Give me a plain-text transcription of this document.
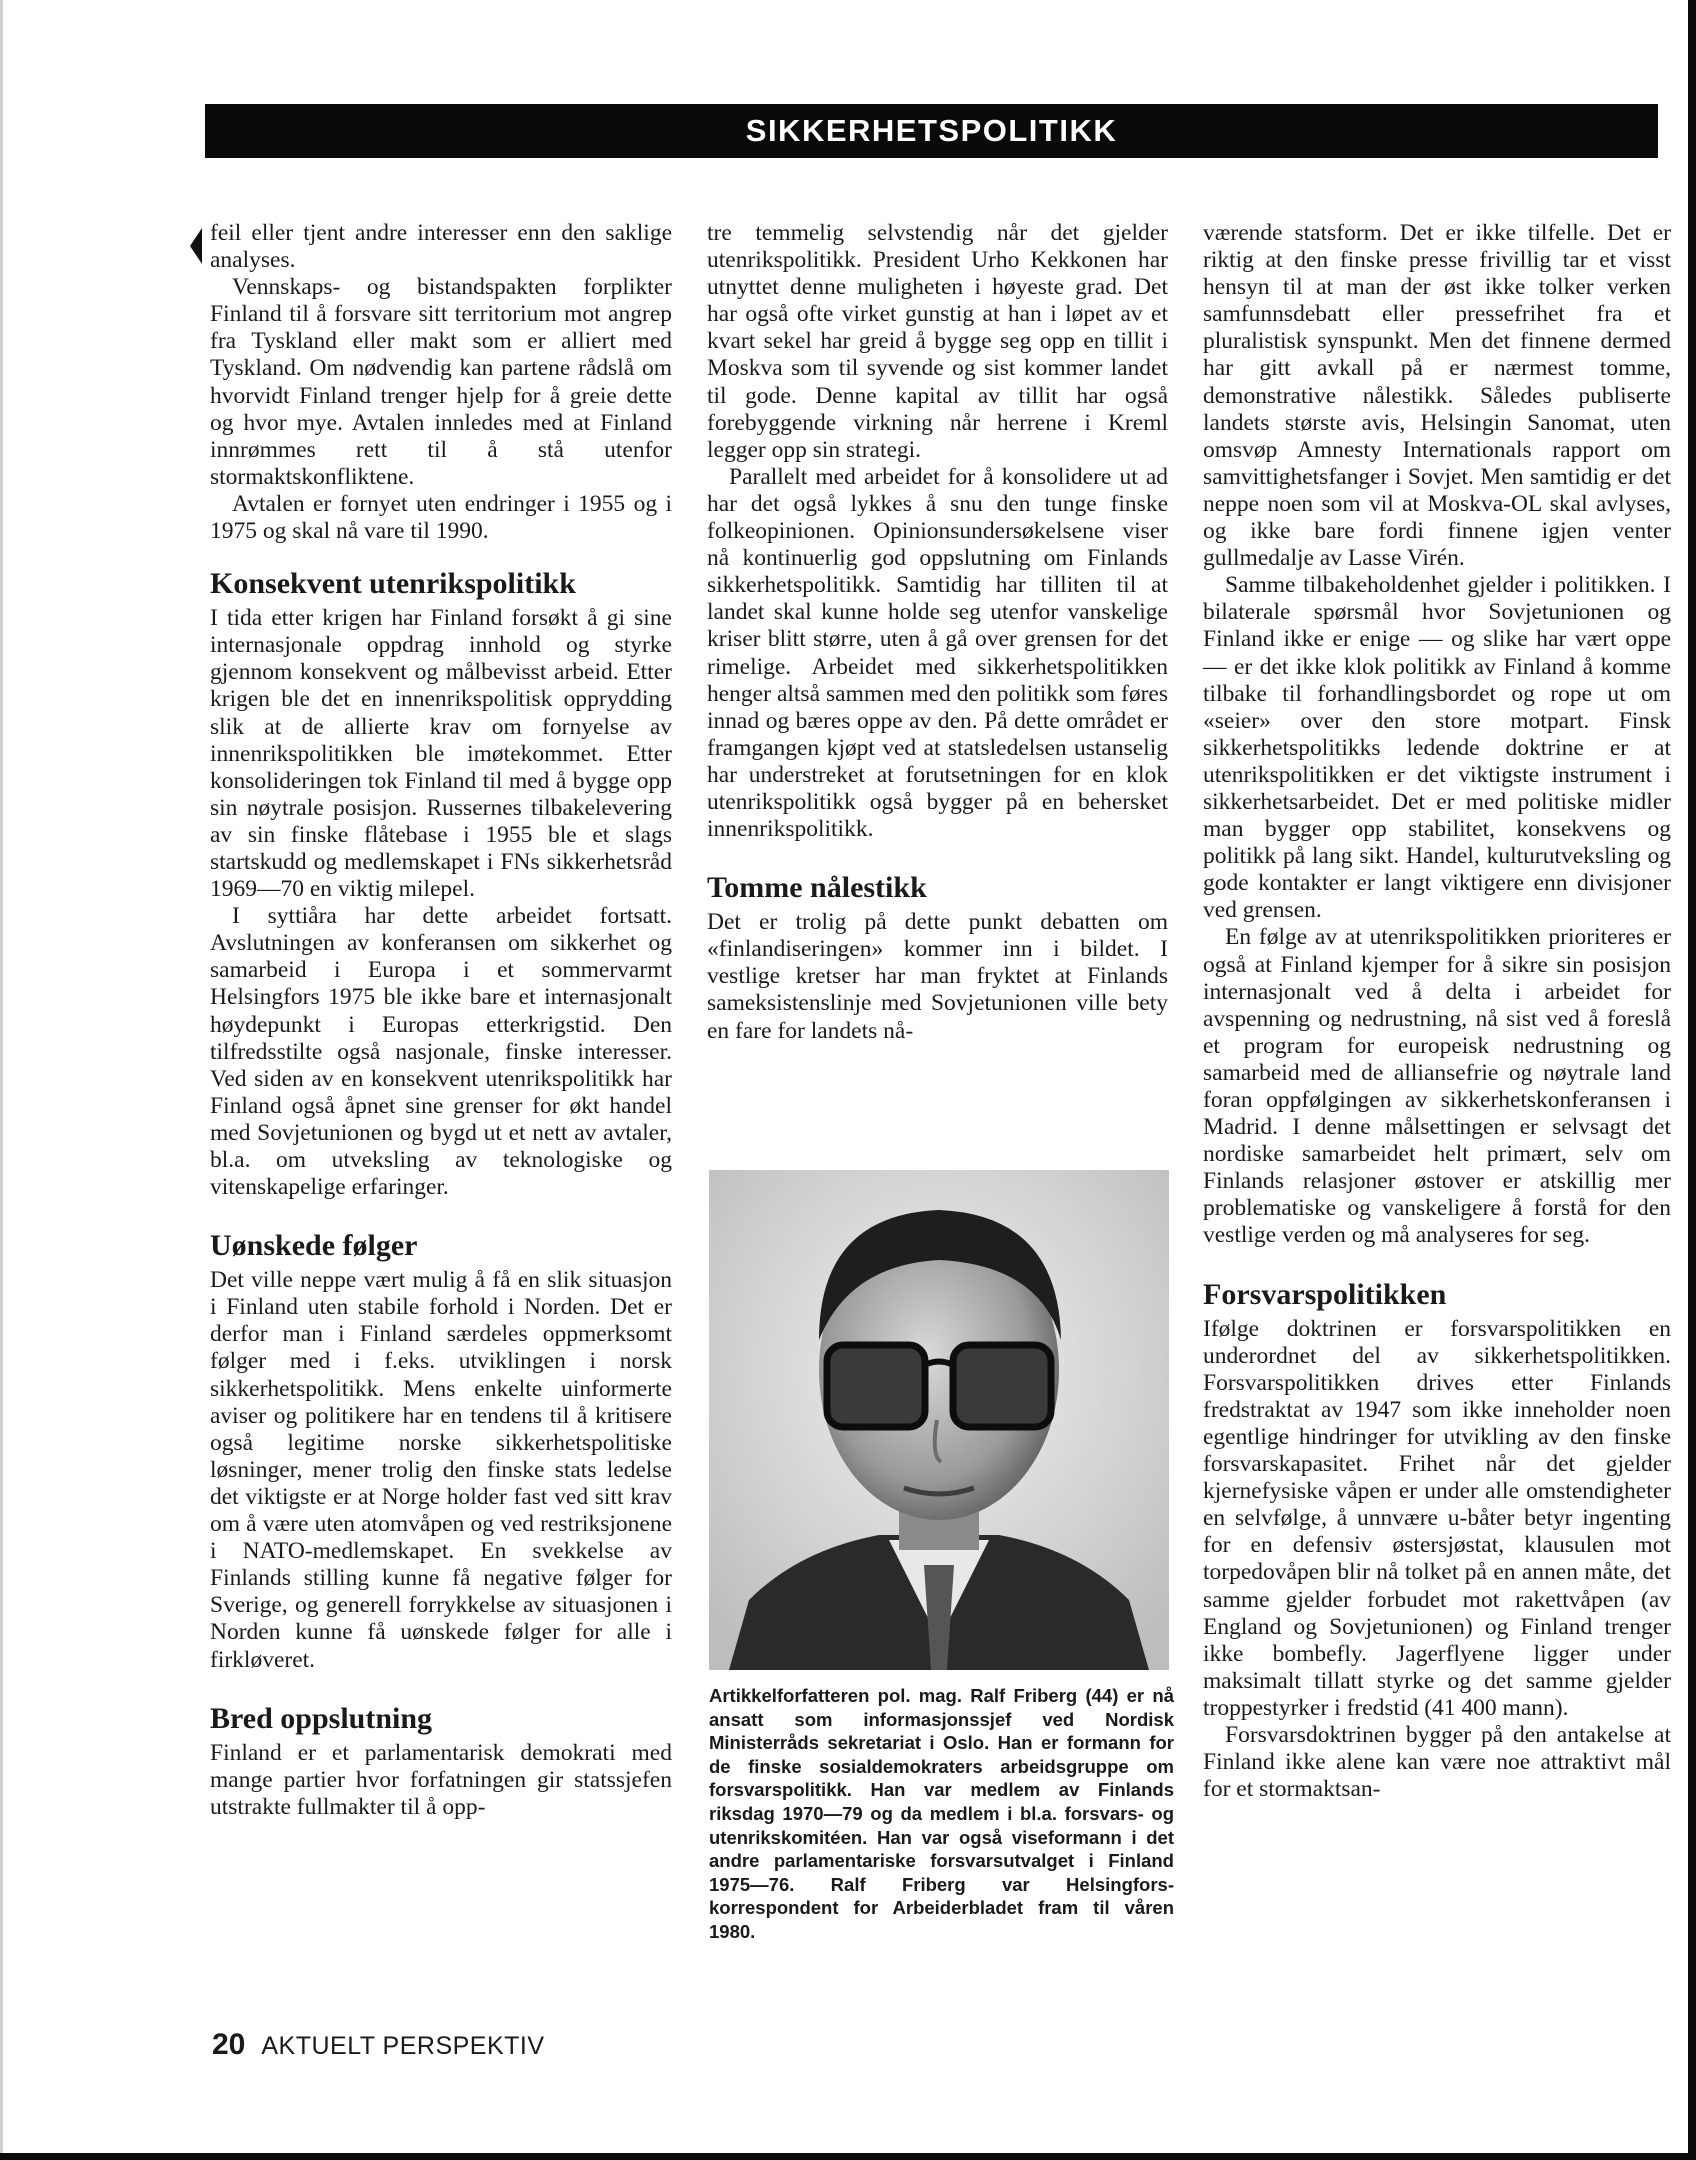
SIKKERHETSPOLITIKK

feil eller tjent andre interesser enn den saklige analyses.

Vennskaps- og bistandspakten forplikter Finland til å forsvare sitt territorium mot angrep fra Tyskland eller makt som er alliert med Tyskland. Om nødvendig kan partene rådslå om hvorvidt Finland trenger hjelp for å greie dette og hvor mye. Avtalen innledes med at Finland innrømmes rett til å stå utenfor stormaktskonfliktene.

Avtalen er fornyet uten endringer i 1955 og i 1975 og skal nå vare til 1990.

Konsekvent utenrikspolitikk

I tida etter krigen har Finland forsøkt å gi sine internasjonale oppdrag innhold og styrke gjennom konsekvent og målbevisst arbeid. Etter krigen ble det en innenrikspolitisk opprydding slik at de allierte krav om fornyelse av innenrikspolitikken ble imøtekommet. Etter konsolideringen tok Finland til med å bygge opp sin nøytrale posisjon. Russernes tilbakelevering av sin finske flåtebase i 1955 ble et slags startskudd og medlemskapet i FNs sikkerhetsråd 1969—70 en viktig milepel.

I syttiåra har dette arbeidet fortsatt. Avslutningen av konferansen om sikkerhet og samarbeid i Europa i et sommervarmt Helsingfors 1975 ble ikke bare et internasjonalt høydepunkt i Europas etterkrigstid. Den tilfredsstilte også nasjonale, finske interesser. Ved siden av en konsekvent utenrikspolitikk har Finland også åpnet sine grenser for økt handel med Sovjetunionen og bygd ut et nett av avtaler, bl.a. om utveksling av teknologiske og vitenskapelige erfaringer.

Uønskede følger

Det ville neppe vært mulig å få en slik situasjon i Finland uten stabile forhold i Norden. Det er derfor man i Finland særdeles oppmerksomt følger med i f.eks. utviklingen i norsk sikkerhetspolitikk. Mens enkelte uinformerte aviser og politikere har en tendens til å kritisere også legitime norske sikkerhetspolitiske løsninger, mener trolig den finske stats ledelse det viktigste er at Norge holder fast ved sitt krav om å være uten atomvåpen og ved restriksjonene i NATO-medlemskapet. En svekkelse av Finlands stilling kunne få negative følger for Sverige, og generell forrykkelse av situasjonen i Norden kunne få uønskede følger for alle i firkløveret.

Bred oppslutning

Finland er et parlamentarisk demokrati med mange partier hvor forfatningen gir statssjefen utstrakte fullmakter til å opp-

tre temmelig selvstendig når det gjelder utenrikspolitikk. President Urho Kekkonen har utnyttet denne muligheten i høyeste grad. Det har også ofte virket gunstig at han i løpet av et kvart sekel har greid å bygge seg opp en tillit i Moskva som til syvende og sist kommer landet til gode. Denne kapital av tillit har også forebyggende virkning når herrene i Kreml legger opp sin strategi.

Parallelt med arbeidet for å konsolidere ut ad har det også lykkes å snu den tunge finske folkeopinionen. Opinionsundersøkelsene viser nå kontinuerlig god oppslutning om Finlands sikkerhetspolitikk. Samtidig har tilliten til at landet skal kunne holde seg utenfor vanskelige kriser blitt større, uten å gå over grensen for det rimelige. Arbeidet med sikkerhetspolitikken henger altså sammen med den politikk som føres innad og bæres oppe av den. På dette området er framgangen kjøpt ved at statsledelsen ustanselig har understreket at forutsetningen for en klok utenrikspolitikk også bygger på en behersket innenrikspolitikk.

Tomme nålestikk

Det er trolig på dette punkt debatten om «finlandiseringen» kommer inn i bildet. I vestlige kretser har man fryktet at Finlands sameksistenslinje med Sovjetunionen ville bety en fare for landets nå-

Artikkelforfatteren pol. mag. Ralf Friberg (44) er nå ansatt som informasjonssjef ved Nordisk Ministerråds sekretariat i Oslo. Han er formann for de finske sosialdemokraters arbeidsgruppe om forsvarspolitikk. Han var medlem av Finlands riksdag 1970—79 og da medlem i bl.a. forsvars- og utenrikskomitéen. Han var også viseformann i det andre parlamentariske forsvarsutvalget i Finland 1975—76. Ralf Friberg var Helsingfors-korrespondent for Arbeiderbladet fram til våren 1980.

værende statsform. Det er ikke tilfelle. Det er riktig at den finske presse frivillig tar et visst hensyn til at man der øst ikke tolker verken samfunnsdebatt eller pressefrihet fra et pluralistisk synspunkt. Men det finnene dermed har gitt avkall på er nærmest tomme, demonstrative nålestikk. Således publiserte landets største avis, Helsingin Sanomat, uten omsvøp Amnesty Internationals rapport om samvittighetsfanger i Sovjet. Men samtidig er det neppe noen som vil at Moskva-OL skal avlyses, og ikke bare fordi finnene igjen venter gullmedalje av Lasse Virén.

Samme tilbakeholdenhet gjelder i politikken. I bilaterale spørsmål hvor Sovjetunionen og Finland ikke er enige — og slike har vært oppe — er det ikke klok politikk av Finland å komme tilbake til forhandlingsbordet og rope ut om «seier» over den store motpart. Finsk sikkerhetspolitikks ledende doktrine er at utenrikspolitikken er det viktigste instrument i sikkerhetsarbeidet. Det er med politiske midler man bygger opp stabilitet, konsekvens og politikk på lang sikt. Handel, kulturutveksling og gode kontakter er langt viktigere enn divisjoner ved grensen.

En følge av at utenrikspolitikken prioriteres er også at Finland kjemper for å sikre sin posisjon internasjonalt ved å delta i arbeidet for avspenning og nedrustning, nå sist ved å foreslå et program for europeisk nedrustning og samarbeid med de alliansefrie og nøytrale land foran oppfølgingen av sikkerhetskonferansen i Madrid. I denne målsettingen er selvsagt det nordiske samarbeidet helt primært, selv om Finlands relasjoner østover er atskillig mer problematiske og vanskeligere å forstå for den vestlige verden og må analyseres for seg.

Forsvarspolitikken

Ifølge doktrinen er forsvarspolitikken en underordnet del av sikkerhetspolitikken. Forsvarspolitikken drives etter Finlands fredstraktat av 1947 som ikke inneholder noen egentlige hindringer for utvikling av den finske forsvarskapasitet. Frihet når det gjelder kjernefysiske våpen er under alle omstendigheter en selvfølge, å unnvære u-båter betyr ingenting for en defensiv østersjøstat, klausulen mot torpedovåpen blir nå tolket på en annen måte, det samme gjelder forbudet mot rakettvåpen (av England og Sovjetunionen) og Finland trenger ikke bombefly. Jagerflyene ligger under maksimalt tillatt styrke og det samme gjelder troppestyrker i fredstid (41 400 mann).

Forsvarsdoktrinen bygger på den antakelse at Finland ikke alene kan være noe attraktivt mål for et stormaktsan-

20 AKTUELT PERSPEKTIV
